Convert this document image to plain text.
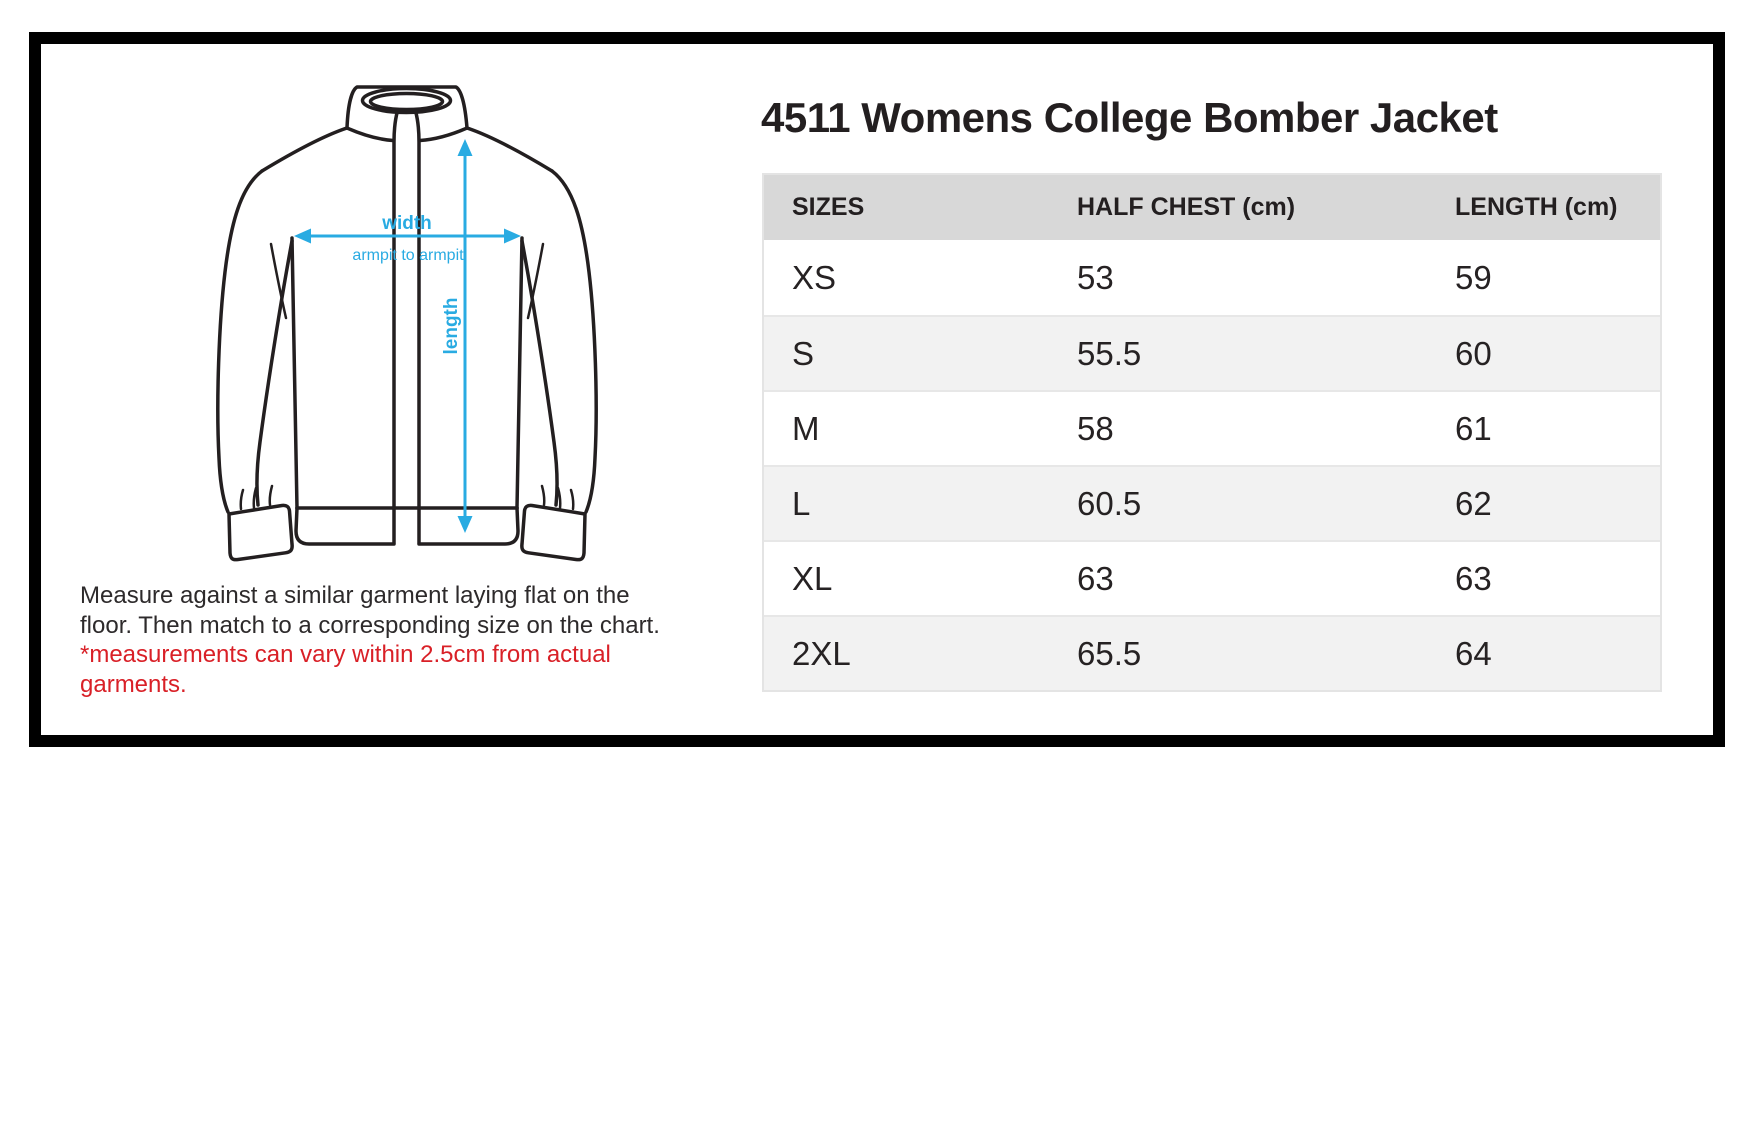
width
armpit to armpit
length
4511 Womens College Bomber Jacket
SIZES	HALF CHEST (cm)	LENGTH (cm)
XS	53	59
S	55.5	60
M	58	61
L	60.5	62
XL	63	63
2XL	65.5	64
Measure against a similar garment laying flat on the
floor. Then match to a corresponding size on the chart.
*measurements can vary within 2.5cm from actual
garments.
